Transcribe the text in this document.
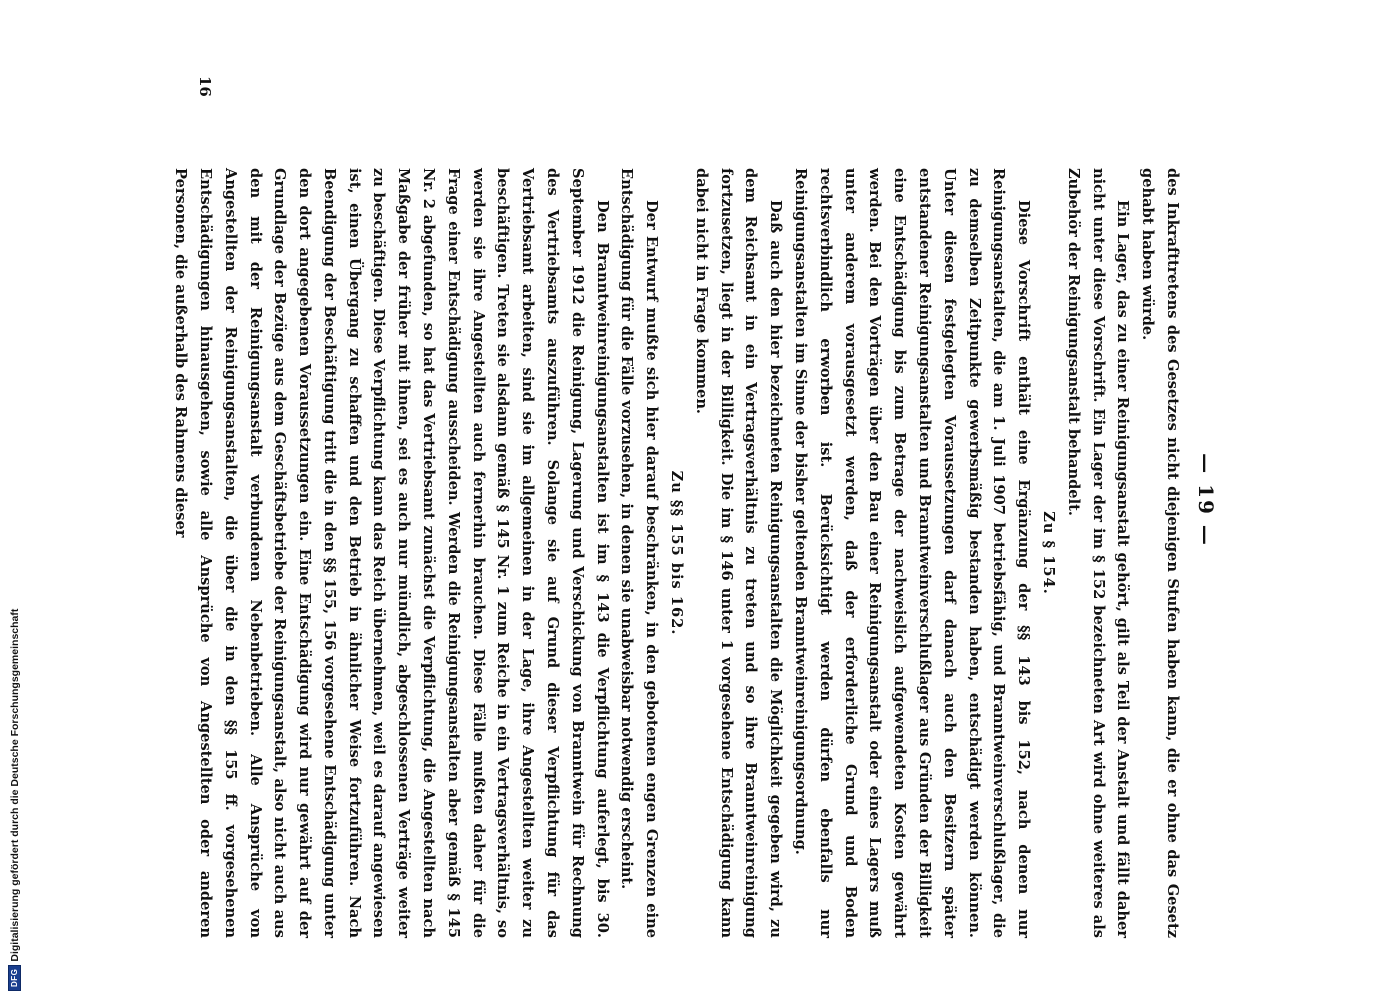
DFG
Digitalisierung gefördert durch die Deutsche Forschungsgemeinschaft
— 19 —

des Inkrafttretens des Gesetzes nicht diejenigen Stufen haben kann, die er ohne das Gesetz gehabt haben würde.

Ein Lager, das zu einer Reinigungsanstalt gehört, gilt als Teil der Anstalt und fällt daher nicht unter diese Vorschrift. Ein Lager der im § 152 bezeichneten Art wird ohne weiteres als Zubehör der Reinigungsanstalt behandelt.

Zu § 154.

Diese Vorschrift enthält eine Ergänzung der §§ 143 bis 152, nach denen nur Reinigungsanstalten, die am 1. Juli 1907 betriebsfähig, und Branntweinverschlußlager, die zu demselben Zeitpunkte gewerbsmäßig bestanden haben, entschädigt werden können. Unter diesen festgelegten Voraussetzungen darf danach auch den Besitzern später entstandener Reinigungsanstalten und Branntweinverschlußlager aus Gründen der Billigkeit eine Entschädigung bis zum Betrage der nachweislich aufgewendeten Kosten gewährt werden. Bei den Vorträgen über den Bau einer Reinigungsanstalt oder eines Lagers muß unter anderem vorausgesetzt werden, daß der erforderliche Grund und Boden rechtsverbindlich erworben ist. Berücksichtigt werden dürfen ebenfalls nur Reinigungsanstalten im Sinne der bisher geltenden Branntweinreinigungsordnung.

Daß auch den hier bezeichneten Reinigungsanstalten die Möglichkeit gegeben wird, zu dem Reichsamt in ein Vertragsverhältnis zu treten und so ihre Branntweinreinigung fortzusetzen, liegt in der Billigkeit. Die im § 146 unter 1 vorgesehene Entschädigung kann dabei nicht in Frage kommen.

Zu §§ 155 bis 162.

Der Entwurf mußte sich hier darauf beschränken, in den gebotenen engen Grenzen eine Entschädigung für die Fälle vorzusehen, in denen sie unabweisbar notwendig erscheint.

Den Branntweinreinigungsanstalten ist im § 143 die Verpflichtung auferlegt, bis 30. September 1912 die Reinigung, Lagerung und Verschickung von Branntwein für Rechnung des Vertriebsamts auszuführen. Solange sie auf Grund dieser Verpflichtung für das Vertriebsamt arbeiten, sind sie im allgemeinen in der Lage, ihre Angestellten weiter zu beschäftigen. Treten sie alsdann gemäß § 145 Nr. 1 zum Reiche in ein Vertragsverhältnis, so werden sie ihre Angestellten auch fernerhin brauchen. Diese Fälle mußten daher für die Frage einer Entschädigung ausscheiden. Werden die Reinigungsanstalten aber gemäß § 145 Nr. 2 abgefunden, so hat das Vertriebsamt zunächst die Verpflichtung, die Angestellten nach Maßgabe der früher mit ihnen, sei es auch nur mündlich, abgeschlossenen Verträge weiter zu beschäftigen. Diese Verpflichtung kann das Reich übernehmen, weil es darauf angewiesen ist, einen Übergang zu schaffen und den Betrieb in ähnlicher Weise fortzuführen. Nach Beendigung der Beschäftigung tritt die in den §§ 155, 156 vorgesehene Entschädigung unter den dort angegebenen Voraussetzungen ein. Eine Entschädigung wird nur gewährt auf der Grundlage der Bezüge aus dem Geschäftsbetriebe der Reinigungsanstalt, also nicht auch aus den mit der Reinigungsanstalt verbundenen Nebenbetrieben. Alle Ansprüche von Angestellten der Reinigungsanstalten, die über die in den §§ 155 ff. vorgesehenen Entschädigungen hinausgehen, sowie alle Ansprüche von Angestellten oder anderen Personen, die außerhalb des Rahmens dieser

16
